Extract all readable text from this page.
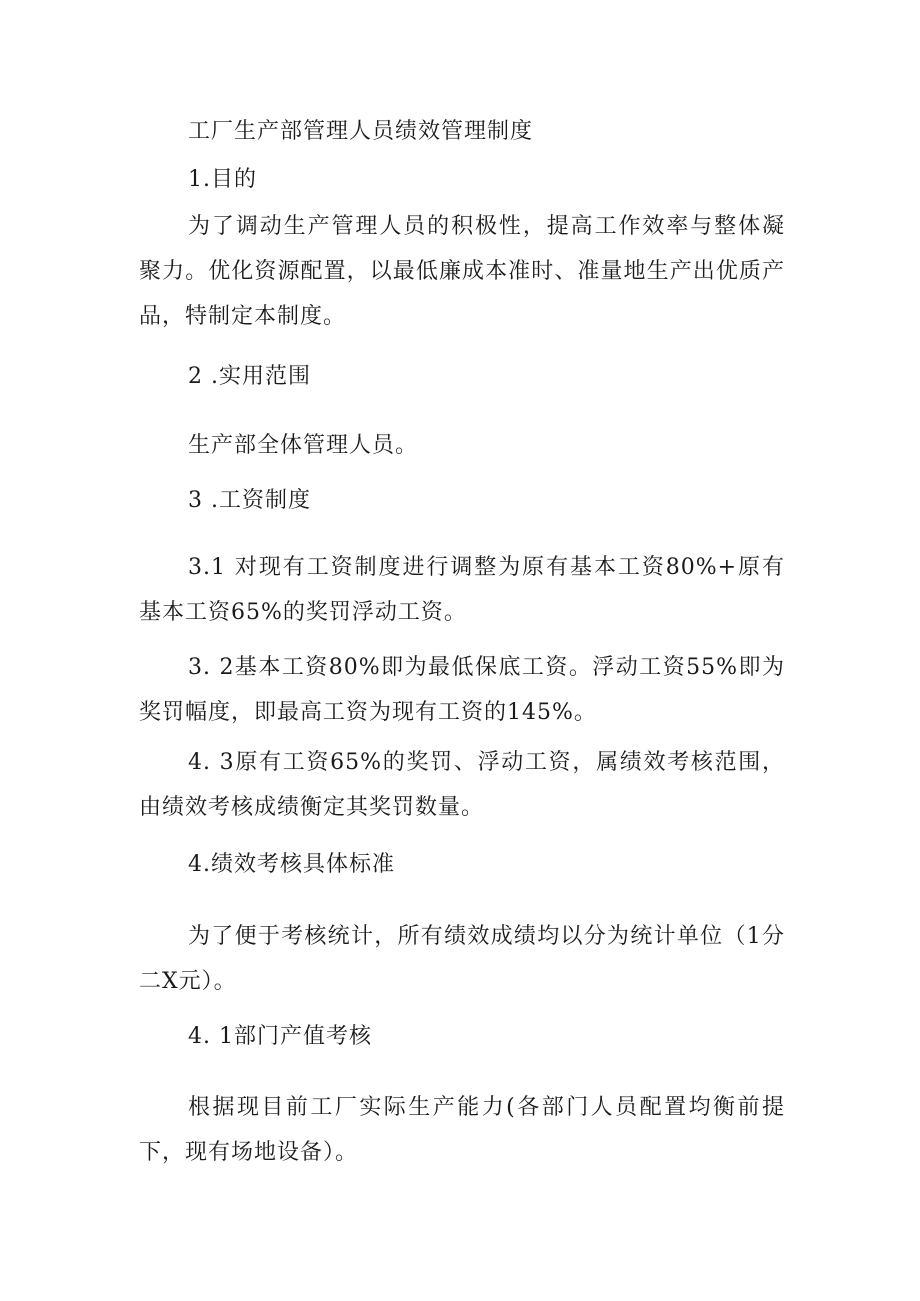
工厂生产部管理人员绩效管理制度

1.目的

为了调动生产管理人员的积极性，提高工作效率与整体凝聚力。优化资源配置，以最低廉成本准时、准量地生产出优质产品，特制定本制度。

2 .实用范围

生产部全体管理人员。

3 .工资制度

3.1 对现有工资制度进行调整为原有基本工资80%+原有基本工资65%的奖罚浮动工资。

3. 2基本工资80%即为最低保底工资。浮动工资55%即为奖罚幅度，即最高工资为现有工资的145%。

4. 3原有工资65%的奖罚、浮动工资，属绩效考核范围，由绩效考核成绩衡定其奖罚数量。

4.绩效考核具体标准

为了便于考核统计，所有绩效成绩均以分为统计单位（1分二X元）。

4. 1部门产值考核

根据现目前工厂实际生产能力(各部门人员配置均衡前提下，现有场地设备）。
